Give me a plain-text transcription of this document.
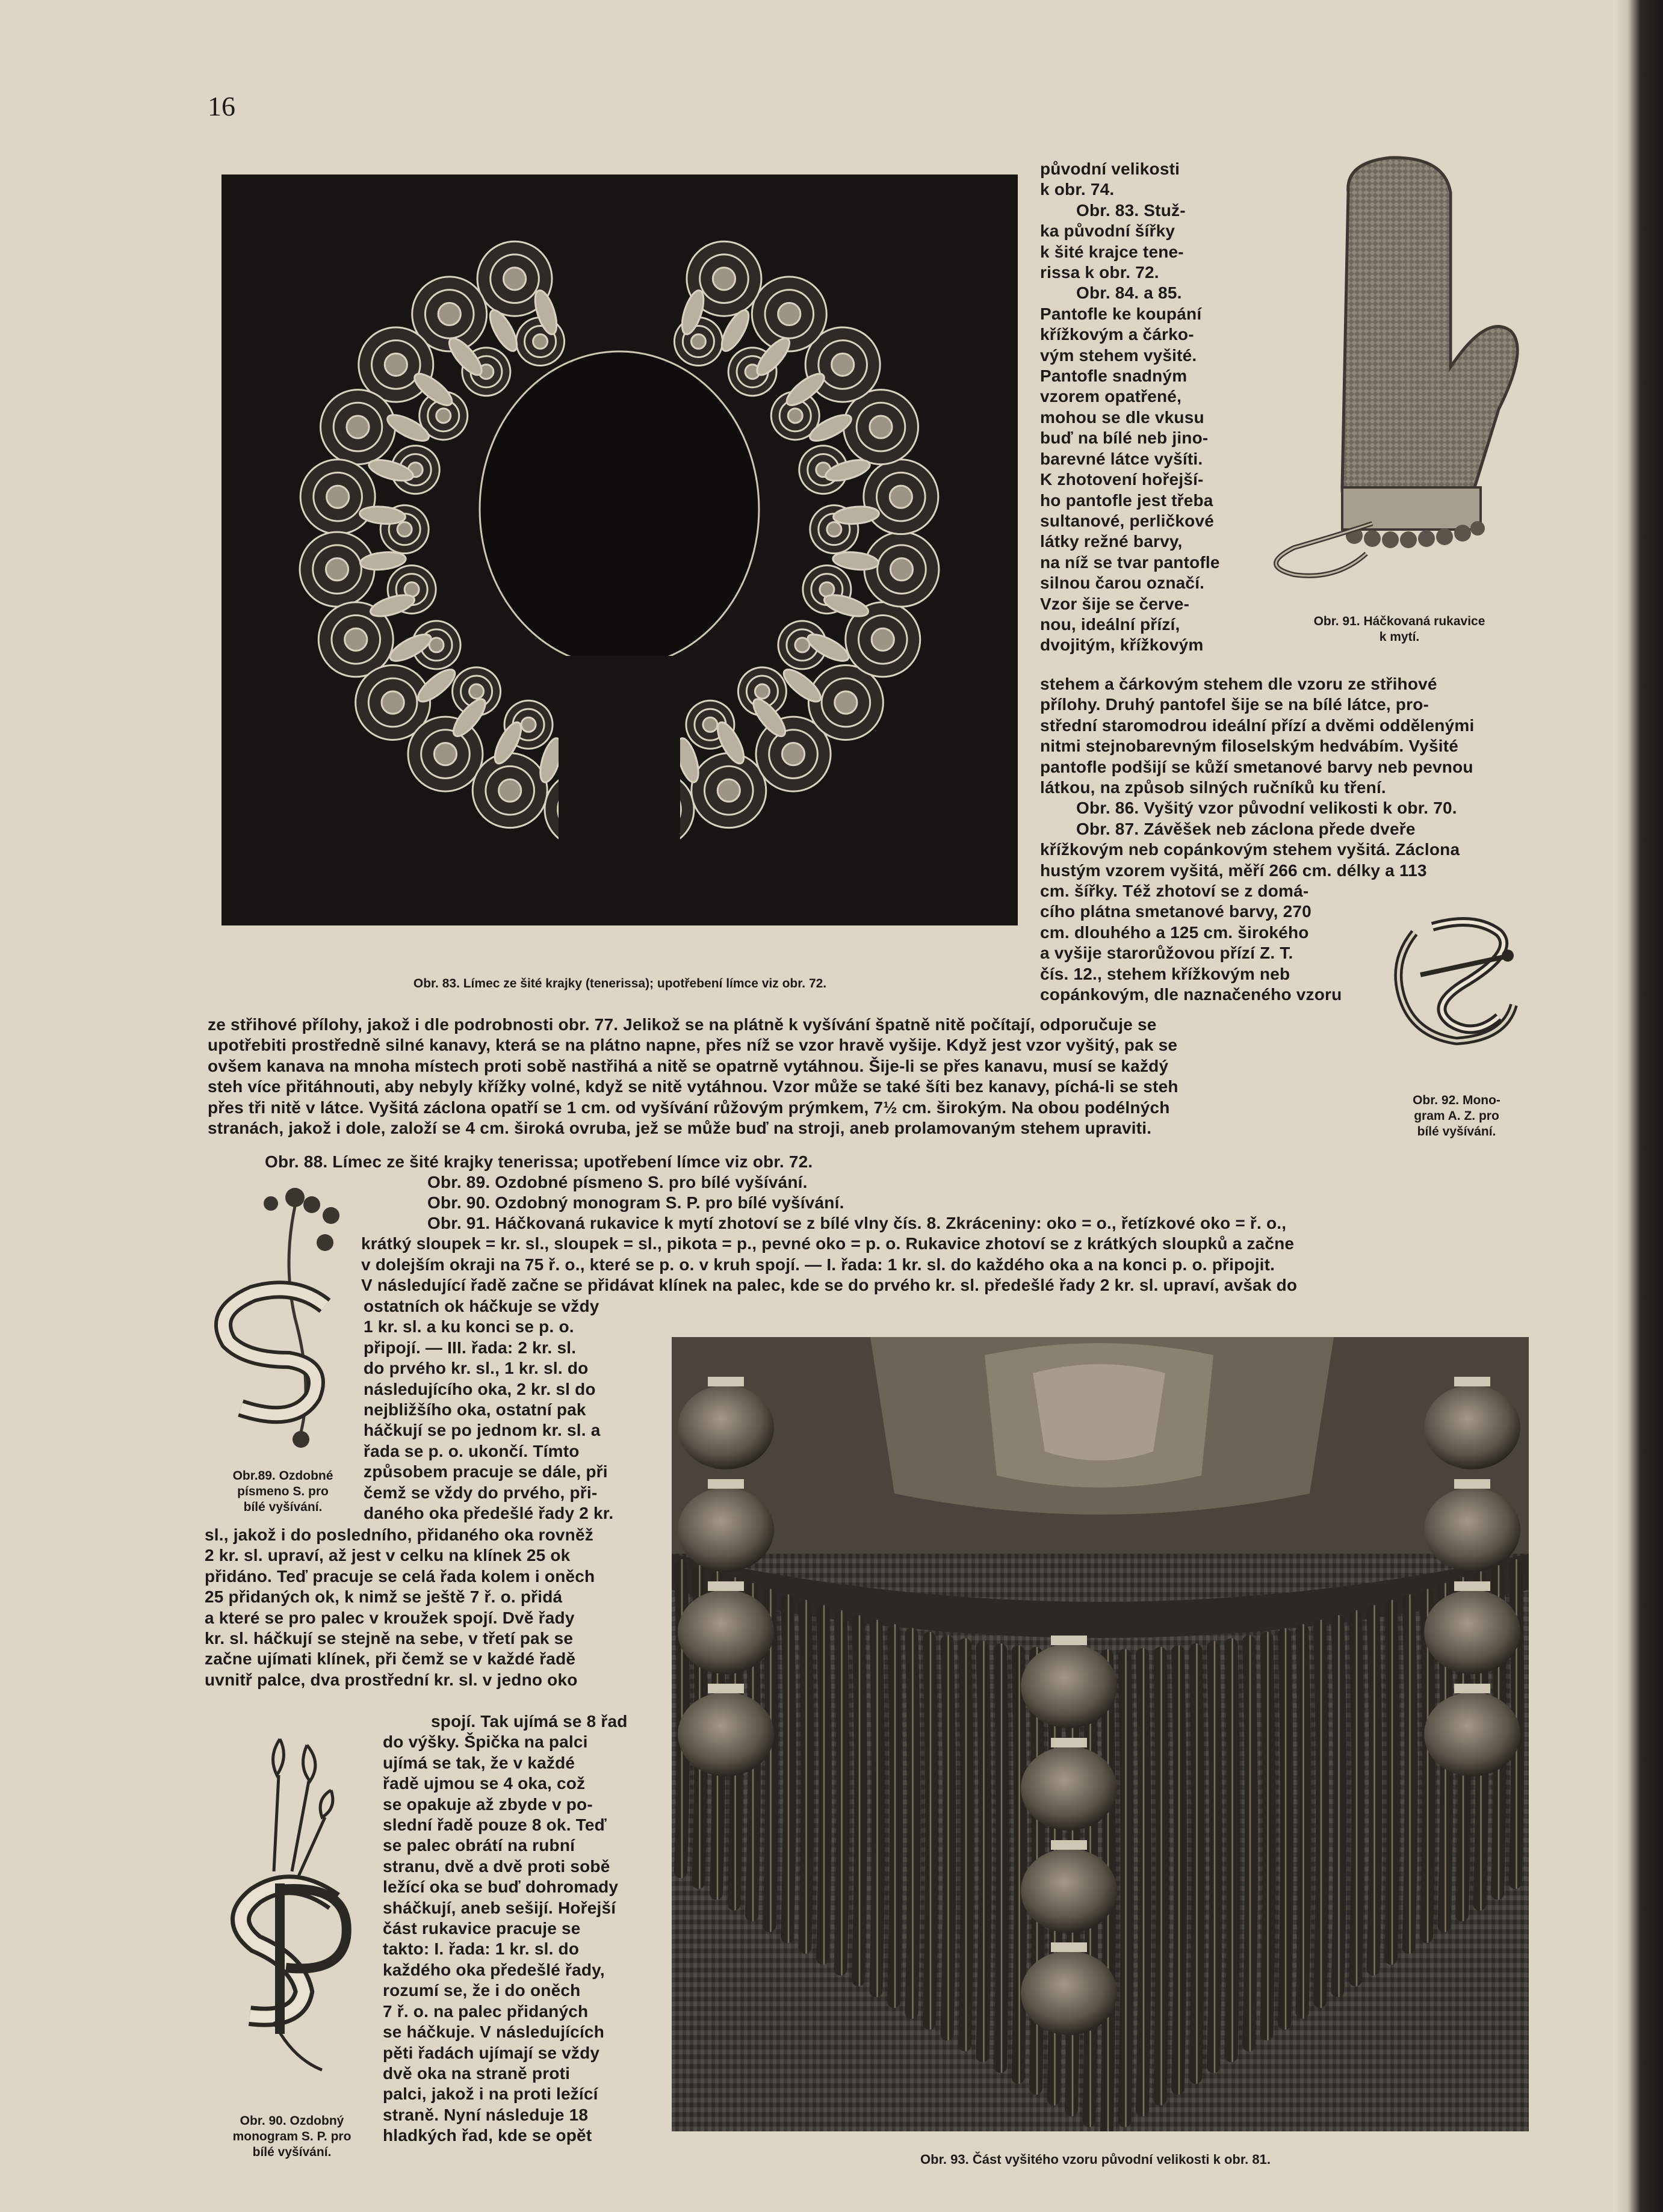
16
Obr. 83. Límec ze šité krajky (tenerissa); upotřebení límce viz obr. 72.

původní velikosti

k obr. 74.

Obr. 83. Stuž-

ka původní šířky

k šité krajce tene-

rissa k obr. 72.

Obr. 84. a 85.

Pantofle ke koupání

křížkovým a čárko-

vým stehem vyšité.

Pantofle snadným

vzorem opatřené,

mohou se dle vkusu

buď na bílé neb jino-

barevné látce vyšíti.

K zhotovení hořejší-

ho pantofle jest třeba

sultanové, perličkové

látky režné barvy,

na níž se tvar pantofle

silnou čarou označí.

Vzor šije se červe-

nou, ideální přízí,

dvojitým, křížkovým

Obr. 91. Háčkovaná rukavice
k mytí.

stehem a čárkovým stehem dle vzoru ze střihové

přílohy. Druhý pantofel šije se na bílé látce, pro-

střední staromodrou ideální přízí a dvěmi oddělenými

nitmi stejnobarevným filoselským hedvábím. Vyšité

pantofle podšijí se kůží smetanové barvy neb pevnou

látkou, na způsob silných ručníků ku tření.

Obr. 86. Vyšitý vzor původní velikosti k obr. 70.

Obr. 87. Závěšek neb záclona přede dveře

křížkovým neb copánkovým stehem vyšitá. Záclona

hustým vzorem vyšitá, měří 266 cm. délky a 113

cm. šířky. Též zhotoví se z domá-

cího plátna smetanové barvy, 270

cm. dlouhého a 125 cm. širokého

a vyšije starorůžovou přízí Z. T.

čís. 12., stehem křížkovým neb

copánkovým, dle naznačeného vzoru

Obr. 92. Mono-
gram A. Z. pro
bílé vyšívání.

ze střihové přílohy, jakož i dle podrobnosti obr. 77. Jelikož se na plátně k vyšívání špatně nitě počítají, odporučuje se

upotřebiti prostředně silné kanavy, která se na plátno napne, přes níž se vzor hravě vyšije. Když jest vzor vyšitý, pak se

ovšem kanava na mnoha místech proti sobě nastřihá a nitě se opatrně vytáhnou. Šije-li se přes kanavu, musí se každý

steh více přitáhnouti, aby nebyly křížky volné, když se nitě vytáhnou. Vzor může se také šíti bez kanavy, píchá-li se steh

přes tři nitě v látce. Vyšitá záclona opatří se 1 cm. od vyšívání růžovým prýmkem, 7½ cm. širokým. Na obou podélných

stranách, jakož i dole, založí se 4 cm. široká ovruba, jež se může buď na stroji, aneb prolamovaným stehem upraviti.

Obr. 88. Límec ze šité krajky tenerissa; upotřebení límce viz obr. 72.
Obr. 89. Ozdobné písmeno S. pro bílé vyšívání.
Obr. 90. Ozdobný monogram S. P. pro bílé vyšívání.

Obr. 91. Háčkovaná rukavice k mytí zhotoví se z bílé vlny čís. 8. Zkráceniny: oko = o., řetízkové oko = ř. o.,

krátký sloupek = kr. sl., sloupek = sl., pikota = p., pevné oko = p. o. Rukavice zhotoví se z krátkých sloupků a začne

v dolejším okraji na 75 ř. o., které se p. o. v kruh spojí. — I. řada: 1 kr. sl. do každého oka a na konci p. o. připojit.

V následující řadě začne se přidávat klínek na palec, kde se do prvého kr. sl. předešlé řady 2 kr. sl. upraví, avšak do

Obr.89. Ozdobné
písmeno S. pro
bílé vyšívání.

ostatních ok háčkuje se vždy

1 kr. sl. a ku konci se p. o.

připojí. — III. řada: 2 kr. sl.

do prvého kr. sl., 1 kr. sl. do

následujícího oka, 2 kr. sl do

nejbližšího oka, ostatní pak

háčkují se po jednom kr. sl. a

řada se p. o. ukončí. Tímto

způsobem pracuje se dále, při

čemž se vždy do prvého, při-

daného oka předešlé řady 2 kr.

sl., jakož i do posledního, přidaného oka rovněž

2 kr. sl. upraví, až jest v celku na klínek 25 ok

přidáno. Teď pracuje se celá řada kolem i oněch

25 přidaných ok, k nimž se ještě 7 ř. o. přidá

a které se pro palec v kroužek spojí. Dvě řady

kr. sl. háčkují se stejně na sebe, v třetí pak se

začne ujímati klínek, při čemž se v každé řadě

uvnitř palce, dva prostřední kr. sl. v jedno oko

Obr. 90. Ozdobný
monogram S. P. pro
bílé vyšívání.

spojí. Tak ujímá se 8 řad

do výšky. Špička na palci

ujímá se tak, že v každé

řadě ujmou se 4 oka, což

se opakuje až zbyde v po-

slední řadě pouze 8 ok. Teď

se palec obrátí na rubní

stranu, dvě a dvě proti sobě

ležící oka se buď dohromady

sháčkují, aneb sešijí. Hořejší

část rukavice pracuje se

takto: I. řada: 1 kr. sl. do

každého oka předešlé řady,

rozumí se, že i do oněch

7 ř. o. na palec přidaných

se háčkuje. V následujících

pěti řadách ujímají se vždy

dvě oka na straně proti

palci, jakož i na proti ležící

straně. Nyní následuje 18

hladkých řad, kde se opět

Obr. 93. Část vyšitého vzoru původní velikosti k obr. 81.
